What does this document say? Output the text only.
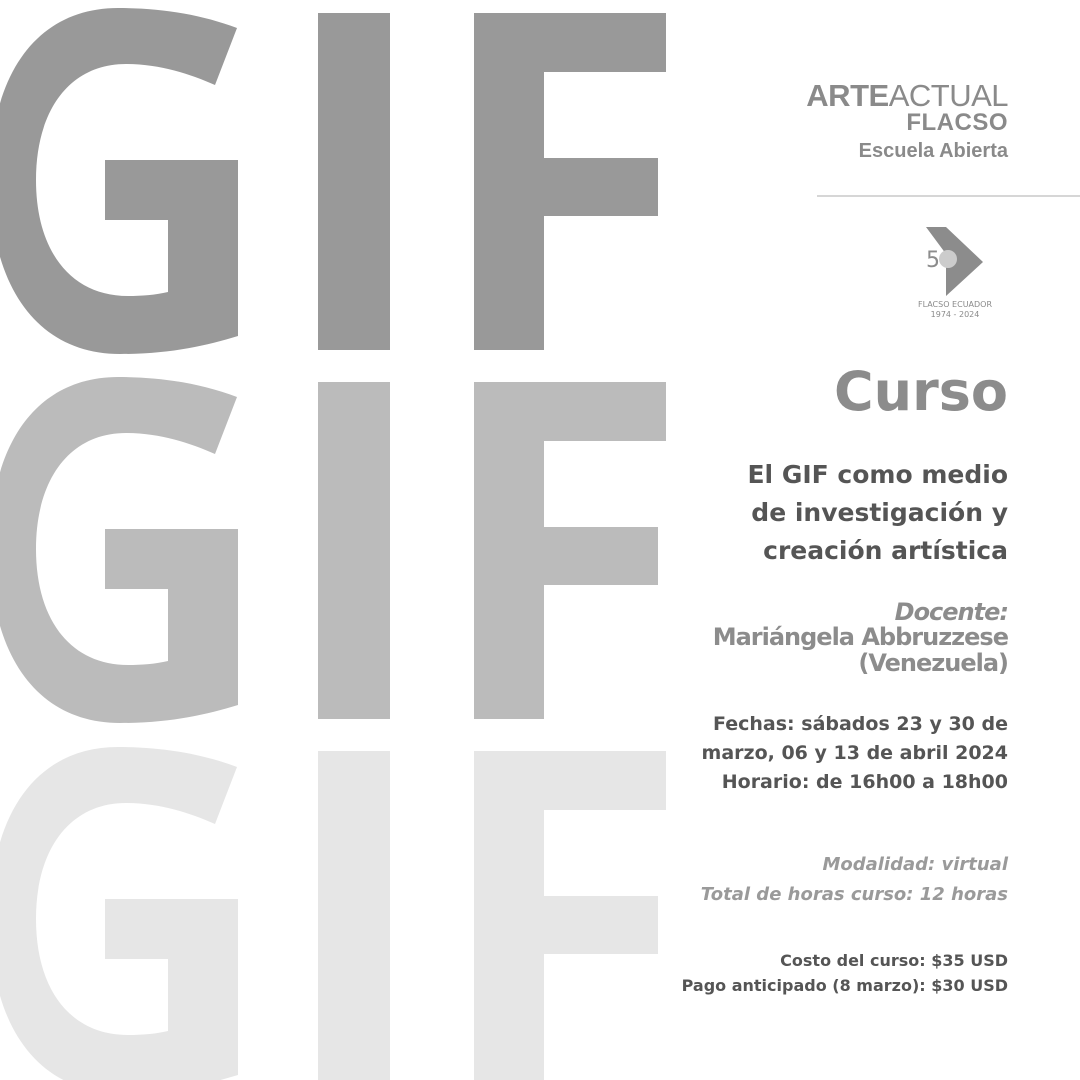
ARTEACTUAL
FLACSO
Escuela Abierta
5
FLACSO ECUADOR
1974 - 2024
Curso
El GIF como medio
de investigación y
creación artística
Docente:
Mariángela Abbruzzese
(Venezuela)
Fechas: sábados 23 y 30 de
marzo, 06 y 13 de abril 2024
Horario: de 16h00 a 18h00
Modalidad: virtual
Total de horas curso: 12 horas
Costo del curso: $35 USD
Pago anticipado (8 marzo): $30 USD
